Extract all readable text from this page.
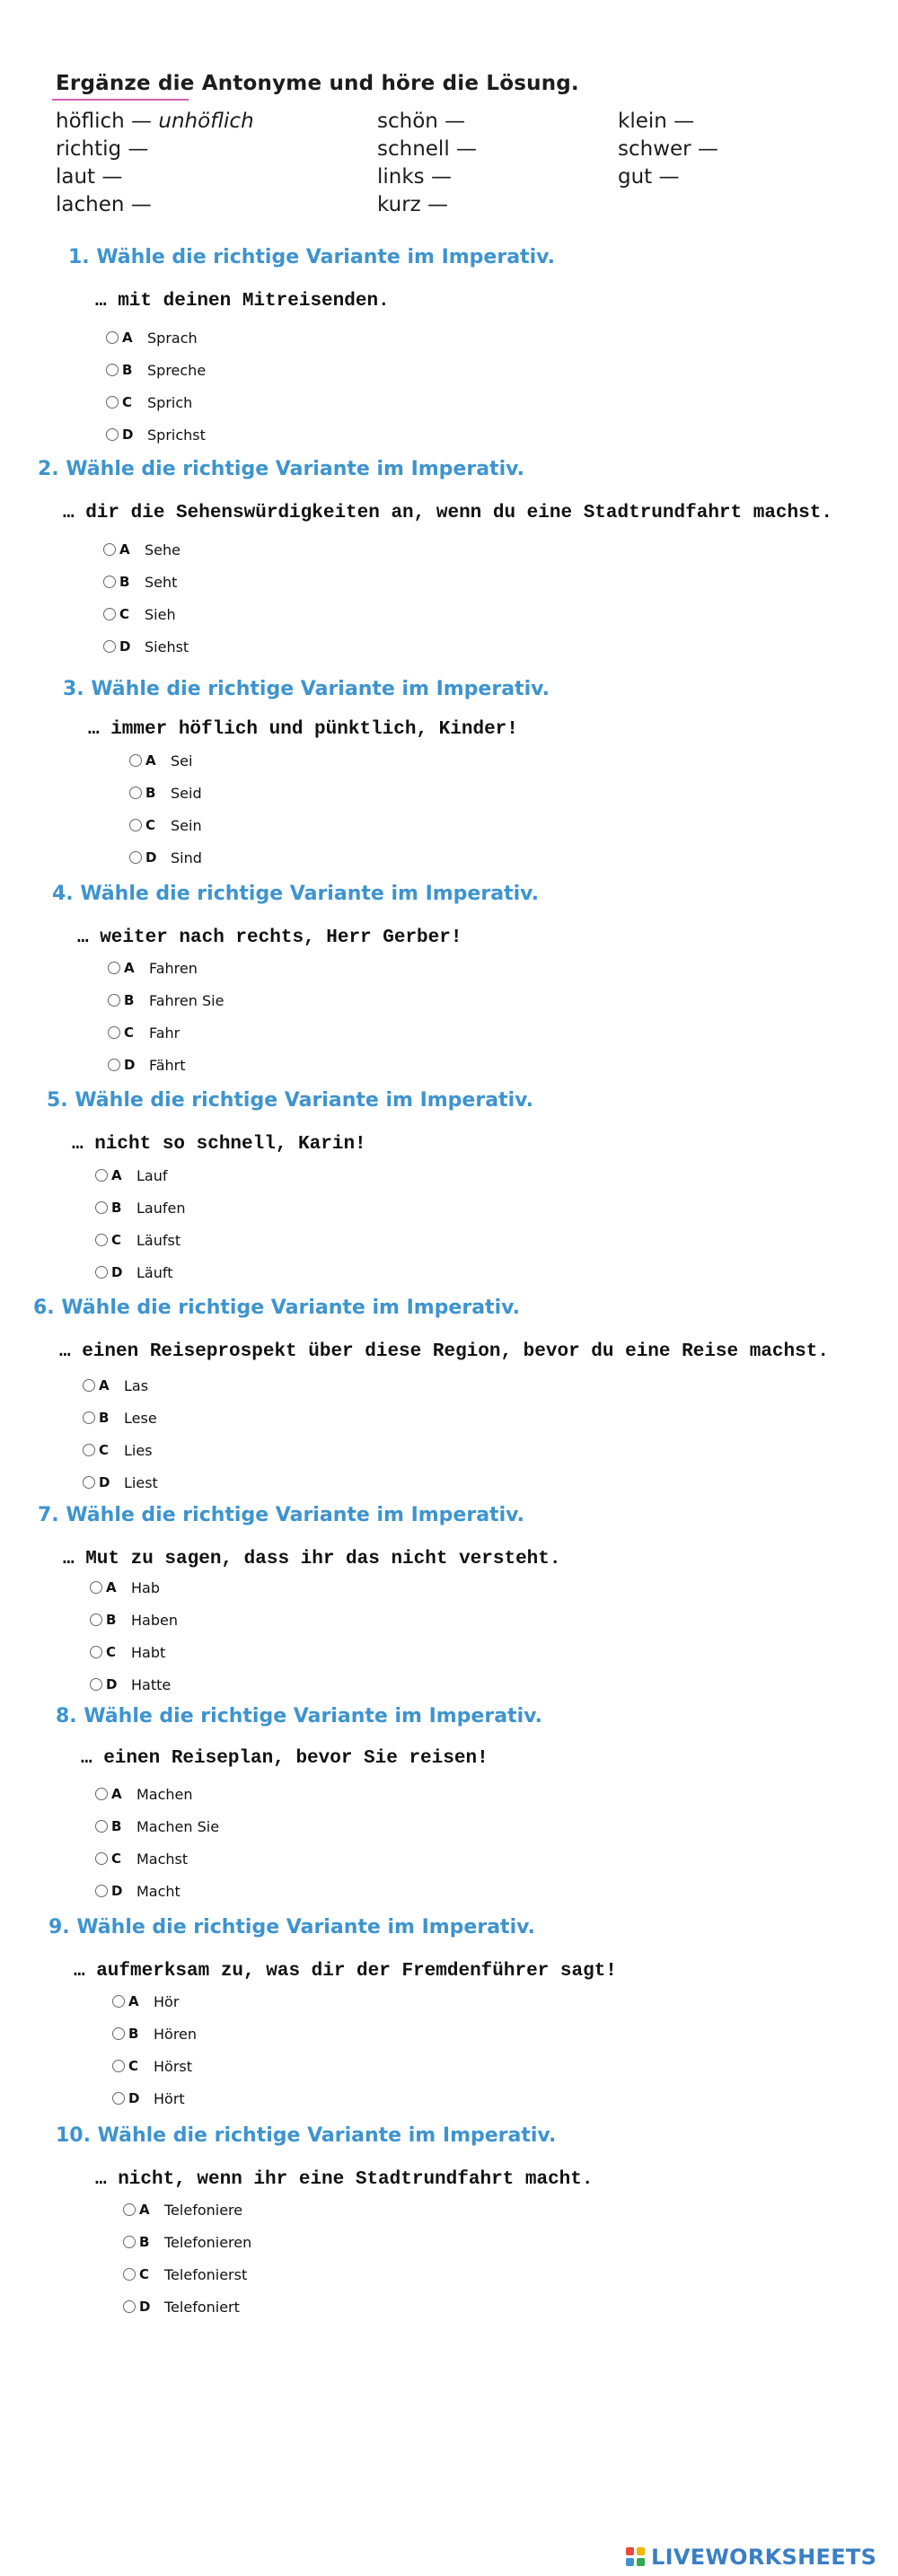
Ergänze die Antonyme und höre die Lösung.
höflich — unhöflich	schön —	klein —
richtig —	schnell —	schwer —
laut —	links —	gut —
lachen —	kurz —
1. Wähle die richtige Variante im Imperativ.
… mit deinen Mitreisenden.
A	Sprach
B	Spreche
C	Sprich
D Sprichst
2. Wähle die richtige Variante im Imperativ.
… dir die Sehenswürdigkeiten an, wenn du eine Stadtrundfahrt machst.
A	Sehe
B	Seht
C	Sieh
D Siehst
3. Wähle die richtige Variante im Imperativ.
… immer höflich und pünktlich, Kinder!
A	Sei
B	Seid
C	Sein
D Sind
4. Wähle die richtige Variante im Imperativ.
… weiter nach rechts, Herr Gerber!
A	Fahren
B	Fahren Sie
C	Fahr
D Fährt
5. Wähle die richtige Variante im Imperativ.
… nicht so schnell, Karin!
A	Lauf
B	Laufen
C	Läufst
D Läuft
6. Wähle die richtige Variante im Imperativ.
… einen Reiseprospekt über diese Region, bevor du eine Reise machst.
A	Las
B	Lese
C	Lies
D Liest
7. Wähle die richtige Variante im Imperativ.
… Mut zu sagen, dass ihr das nicht versteht.
A	Hab
B	Haben
C	Habt
D Hatte
8. Wähle die richtige Variante im Imperativ.
… einen Reiseplan, bevor Sie reisen!
A	Machen
B	Machen Sie
C	Machst
D Macht
9. Wähle die richtige Variante im Imperativ.
… aufmerksam zu, was dir der Fremdenführer sagt!
A	Hör
B	Hören
C	Hörst
D Hört
10. Wähle die richtige Variante im Imperativ.
… nicht, wenn ihr eine Stadtrundfahrt macht.
A	Telefoniere
B	Telefonieren
C	Telefonierst
D Telefoniert
LIVEWORKSHEETS
